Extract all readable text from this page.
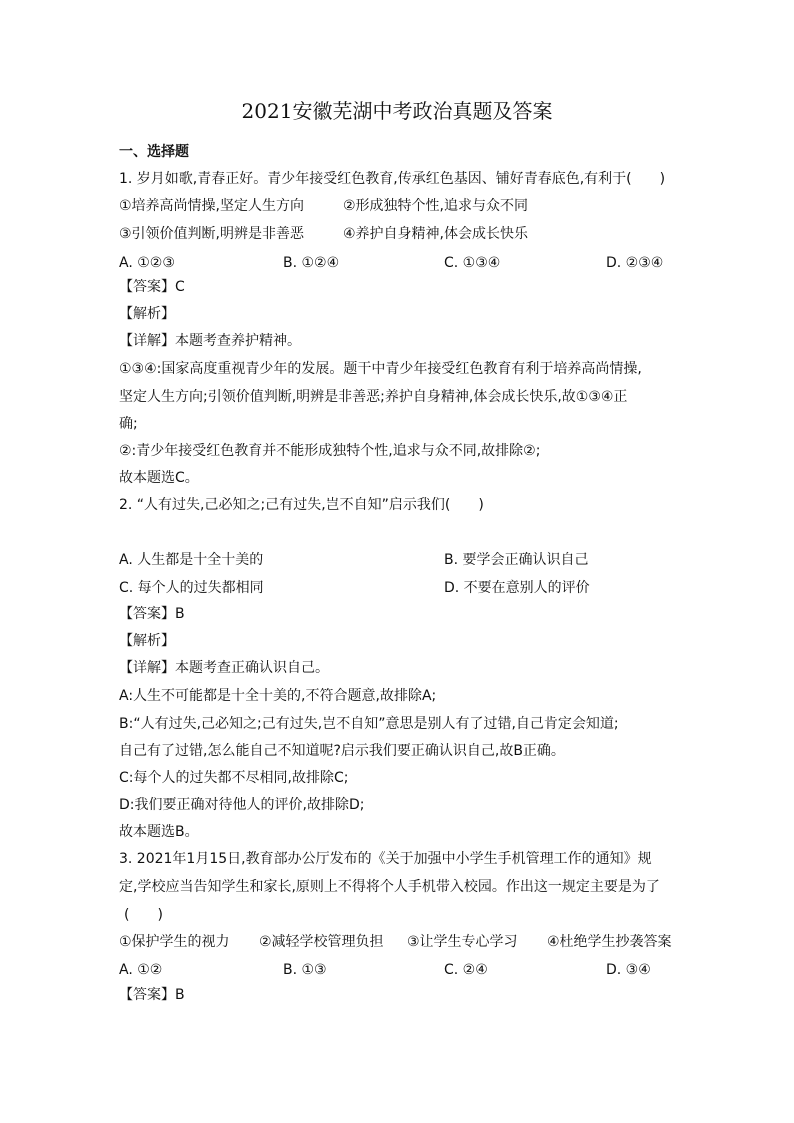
2021安徽芜湖中考政治真题及答案
一、选择题
1. 岁月如歌,青春正好。青少年接受红色教育,传承红色基因、铺好青春底色,有利于(　　)
①培养高尚情操,坚定人生方向	②形成独特个性,追求与众不同
③引领价值判断,明辨是非善恶	④养护自身精神,体会成长快乐
A. ①②③	B. ①②④	C. ①③④	D. ②③④
【答案】C
【解析】
【详解】本题考查养护精神。
①③④:国家高度重视青少年的发展。题干中青少年接受红色教育有利于培养高尚情操,
坚定人生方向;引领价值判断,明辨是非善恶;养护自身精神,体会成长快乐,故①③④正
确;
②:青少年接受红色教育并不能形成独特个性,追求与众不同,故排除②;
故本题选C。
2. “人有过失,己必知之;己有过失,岂不自知”启示我们(　　)
A. 人生都是十全十美的	B. 要学会正确认识自己
C. 每个人的过失都相同	D. 不要在意别人的评价
【答案】B
【解析】
【详解】本题考查正确认识自己。
A:人生不可能都是十全十美的,不符合题意,故排除A;
B:“人有过失,己必知之;己有过失,岂不自知”意思是别人有了过错,自己肯定会知道;
自己有了过错,怎么能自己不知道呢?启示我们要正确认识自己,故B正确。
C:每个人的过失都不尽相同,故排除C;
D:我们要正确对待他人的评价,故排除D;
故本题选B。
3. 2021年1月15日,教育部办公厅发布的《关于加强中小学生手机管理工作的通知》规
定,学校应当告知学生和家长,原则上不得将个人手机带入校园。作出这一规定主要是为了
(　　)
①保护学生的视力 ②减轻学校管理负担 ③让学生专心学习 ④杜绝学生抄袭答案
A. ①②	B. ①③	C. ②④	D. ③④
【答案】B
